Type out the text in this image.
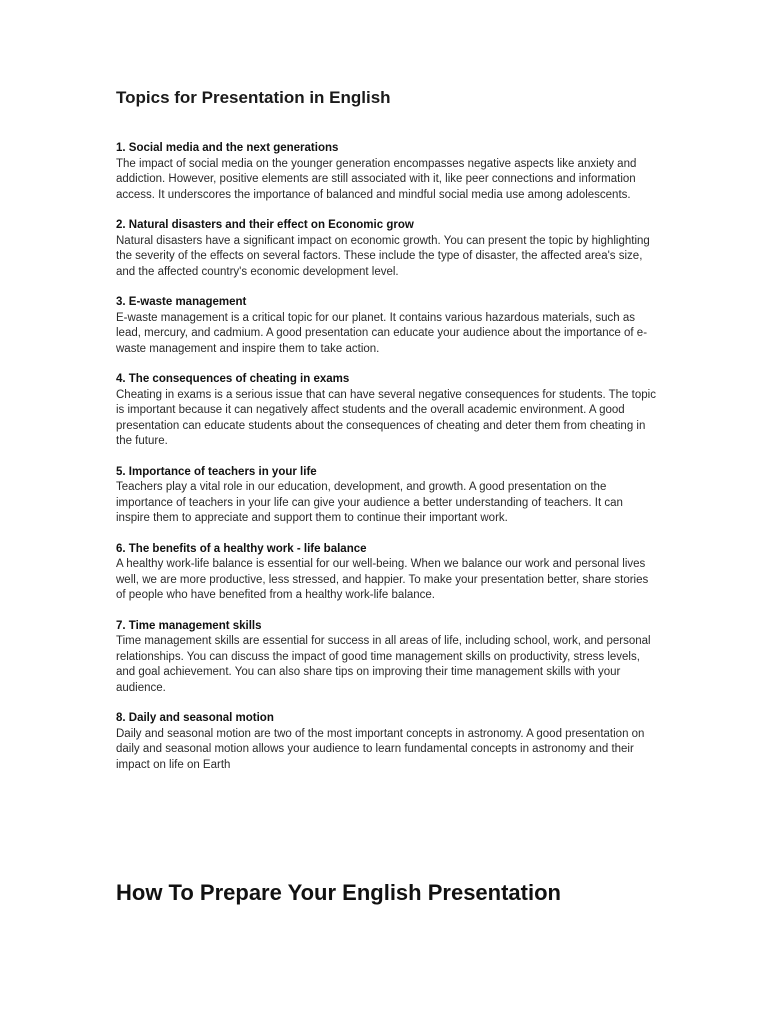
Topics for Presentation in English
1. Social media and the next generations
The impact of social media on the younger generation encompasses negative aspects like anxiety and addiction. However, positive elements are still associated with it, like peer connections and information access. It underscores the importance of balanced and mindful social media use among adolescents.
2. Natural disasters and their effect on Economic grow
Natural disasters have a significant impact on economic growth. You can present the topic by highlighting the severity of the effects on several factors. These include the type of disaster, the affected area's size, and the affected country's economic development level.
3. E-waste management
E-waste management is a critical topic for our planet. It contains various hazardous materials, such as lead, mercury, and cadmium. A good presentation can educate your audience about the importance of e-waste management and inspire them to take action.
4. The consequences of cheating in exams
Cheating in exams is a serious issue that can have several negative consequences for students. The topic is important because it can negatively affect students and the overall academic environment. A good presentation can educate students about the consequences of cheating and deter them from cheating in the future.
5. Importance of teachers in your life
Teachers play a vital role in our education, development, and growth. A good presentation on the importance of teachers in your life can give your audience a better understanding of teachers. It can inspire them to appreciate and support them to continue their important work.
6. The benefits of a healthy work - life balance
A healthy work-life balance is essential for our well-being. When we balance our work and personal lives well, we are more productive, less stressed, and happier. To make your presentation better, share stories of people who have benefited from a healthy work-life balance.
7. Time management skills
Time management skills are essential for success in all areas of life, including school, work, and personal relationships. You can discuss the impact of good time management skills on productivity, stress levels, and goal achievement. You can also share tips on improving their time management skills with your audience.
8. Daily and seasonal motion
Daily and seasonal motion are two of the most important concepts in astronomy. A good presentation on daily and seasonal motion allows your audience to learn fundamental concepts in astronomy and their impact on life on Earth
How To Prepare Your English Presentation
